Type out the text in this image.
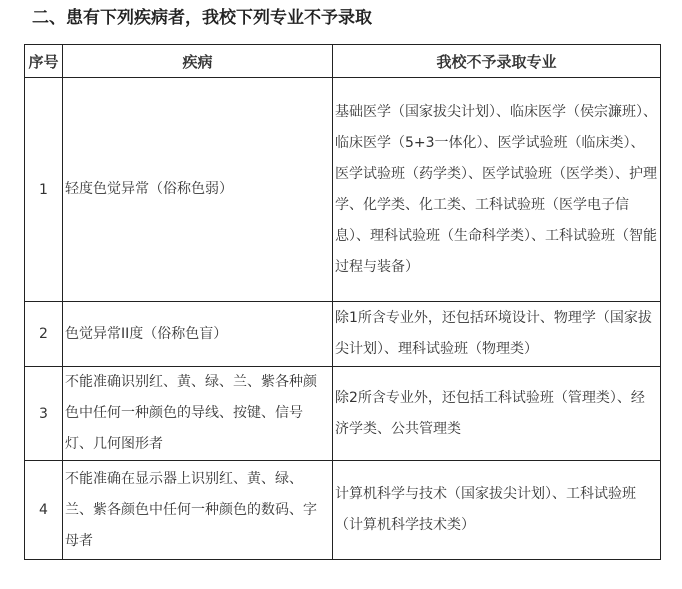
二、患有下列疾病者，我校下列专业不予录取
序号	疾病	我校不予录取专业
1	轻度色觉异常（俗称色弱）	基础医学（国家拔尖计划）、临床医学（侯宗濂班）、临床医学（5+3一体化）、医学试验班（临床类）、医学试验班（药学类）、医学试验班（医学类）、护理学、化学类、化工类、工科试验班（医学电子信息）、理科试验班（生命科学类）、工科试验班（智能过程与装备）
2	色觉异常II度（俗称色盲）	除1所含专业外，还包括环境设计、物理学（国家拔尖计划）、理科试验班（物理类）
3	不能准确识别红、黄、绿、兰、紫各种颜色中任何一种颜色的导线、按键、信号灯、几何图形者	除2所含专业外，还包括工科试验班（管理类）、经济学类、公共管理类
4	不能准确在显示器上识别红、黄、绿、兰、紫各颜色中任何一种颜色的数码、字母者	计算机科学与技术（国家拔尖计划）、工科试验班（计算机科学技术类）
